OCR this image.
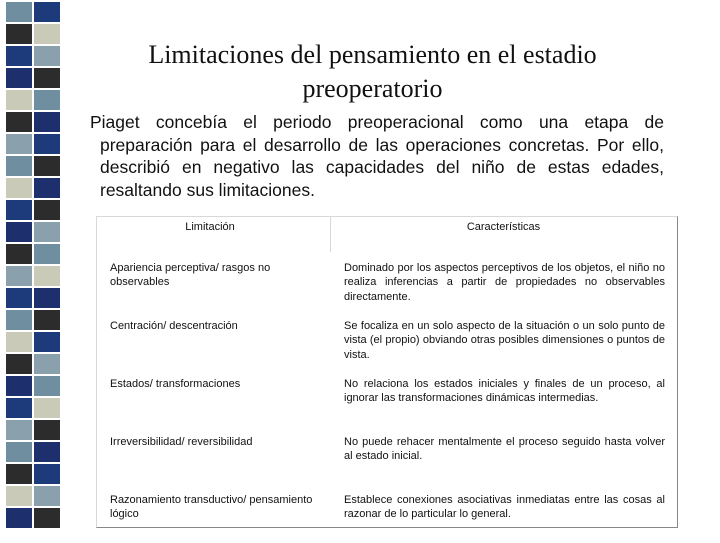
Limitaciones del pensamiento en el estadio preoperatorio
Piaget concebía el periodo preoperacional como una etapa de preparación para el desarrollo de las operaciones concretas. Por ello, describió en negativo las capacidades del niño de estas edades, resaltando sus limitaciones.
Limitación	Características
Apariencia perceptiva/ rasgos no observables	Dominado por los aspectos perceptivos de los objetos, el niño no realiza inferencias a partir de propiedades no observables directamente.
Centración/ descentración	Se focaliza en un solo aspecto de la situación o un solo punto de vista (el propio) obviando otras posibles dimensiones o puntos de vista.
Estados/ transformaciones	No relaciona los estados iniciales y finales de un proceso, al ignorar las transformaciones dinámicas intermedias.
Irreversibilidad/ reversibilidad	No puede rehacer mentalmente el proceso seguido hasta volver al estado inicial.
Razonamiento transductivo/ pensamiento lógico	Establece conexiones asociativas inmediatas entre las cosas al razonar de lo particular lo general.
